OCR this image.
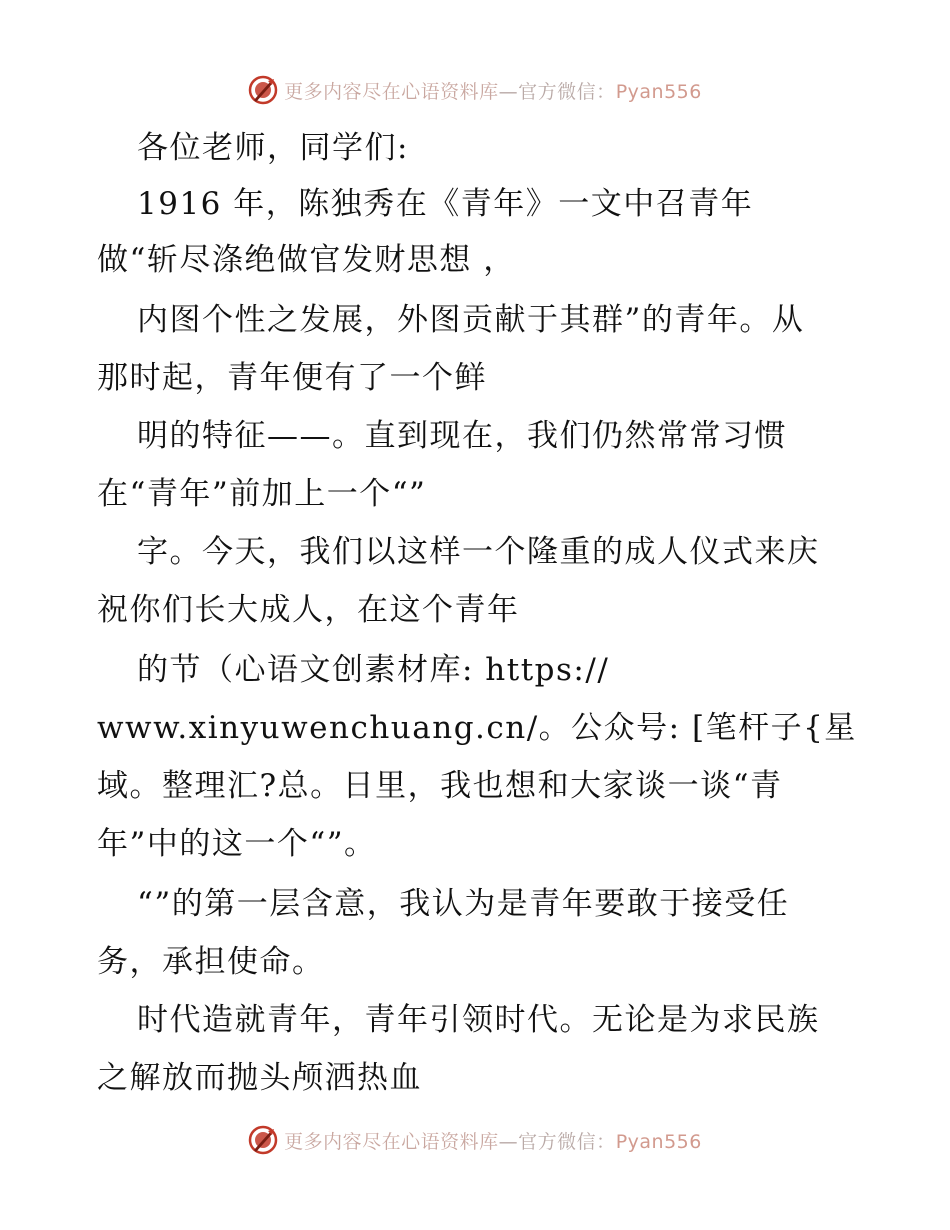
更多内容尽在心语资料库—官方微信：Pyan556
各位老师，同学们:
1916 年，陈独秀在《青年》一文中召青年
做“斩尽涤绝做官发财思想 ，
内图个性之发展，外图贡献于其群”的青年。从
那时起，青年便有了一个鲜
明的特征——。直到现在，我们仍然常常习惯
在“青年”前加上一个“”
字。今天，我们以这样一个隆重的成人仪式来庆
祝你们长大成人，在这个青年
的节（心语文创素材库: https://
www.xinyuwenchuang.cn/。公众号: [笔杆子{星
域。整理汇?总。日里，我也想和大家谈一谈“青
年”中的这一个“”。
“”的第一层含意，我认为是青年要敢于接受任
务，承担使命。
时代造就青年，青年引领时代。无论是为求民族
之解放而抛头颅洒热血
更多内容尽在心语资料库—官方微信：Pyan556
